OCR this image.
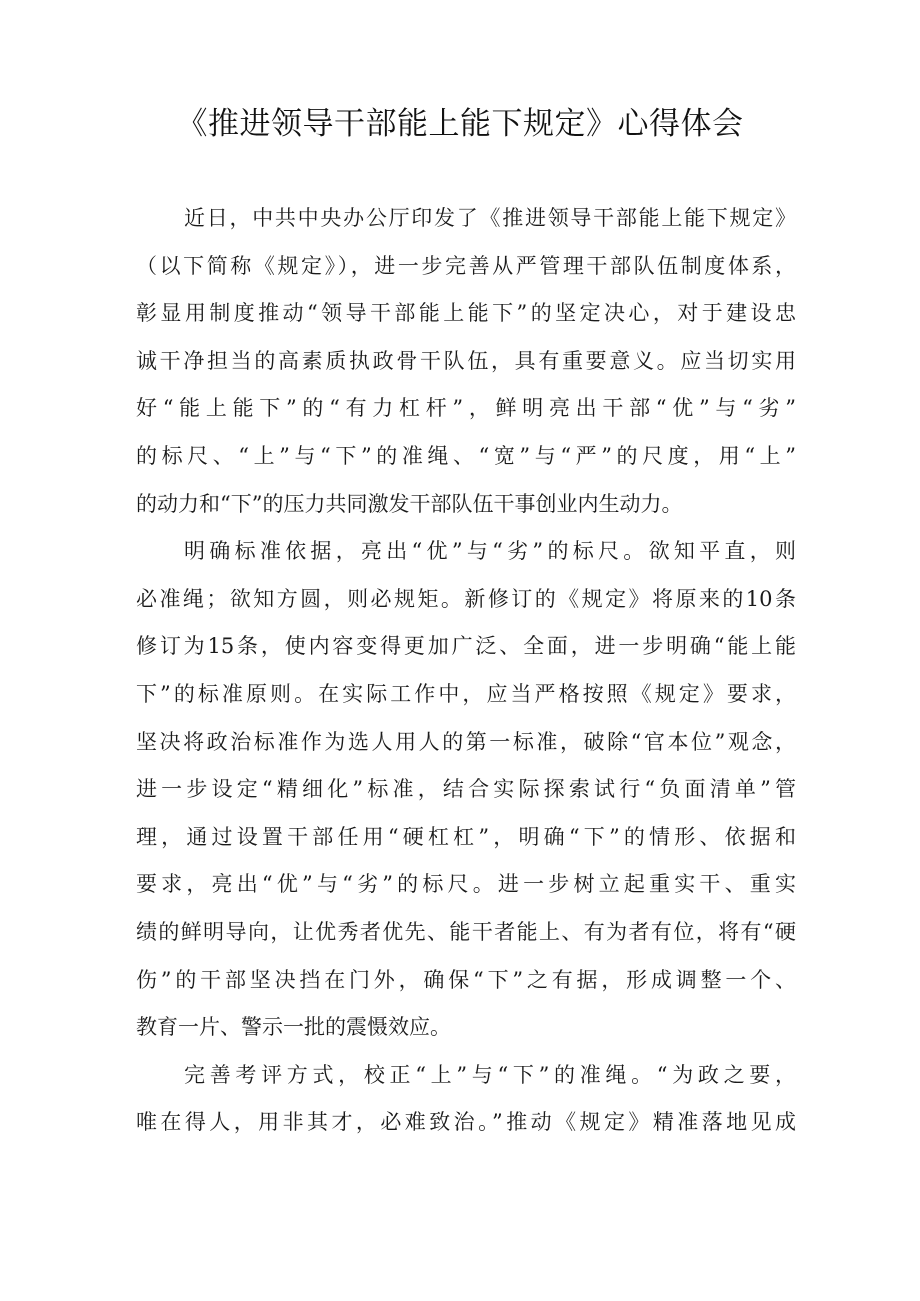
《推进领导干部能上能下规定》心得体会
近日，中共中央办公厅印发了《推进领导干部能上能下规定》
（以下简称《规定》），进一步完善从严管理干部队伍制度体系，
彰显用制度推动“领导干部能上能下”的坚定决心，对于建设忠
诚干净担当的高素质执政骨干队伍，具有重要意义。应当切实用
好“能上能下”的“有力杠杆”，鲜明亮出干部“优”与“劣”
的标尺、“上”与“下”的准绳、“宽”与“严”的尺度，用“上”
的动力和“下”的压力共同激发干部队伍干事创业内生动力。
明确标准依据，亮出“优”与“劣”的标尺。欲知平直，则
必准绳；欲知方圆，则必规矩。新修订的《规定》将原来的10条
修订为15条，使内容变得更加广泛、全面，进一步明确“能上能
下”的标准原则。在实际工作中，应当严格按照《规定》要求，
坚决将政治标准作为选人用人的第一标准，破除“官本位”观念，
进一步设定“精细化”标准，结合实际探索试行“负面清单”管
理，通过设置干部任用“硬杠杠”，明确“下”的情形、依据和
要求，亮出“优”与“劣”的标尺。进一步树立起重实干、重实
绩的鲜明导向，让优秀者优先、能干者能上、有为者有位，将有“硬
伤”的干部坚决挡在门外，确保“下”之有据，形成调整一个、
教育一片、警示一批的震慑效应。
完善考评方式，校正“上”与“下”的准绳。“为政之要，
唯在得人，用非其才，必难致治。”推动《规定》精准落地见成
